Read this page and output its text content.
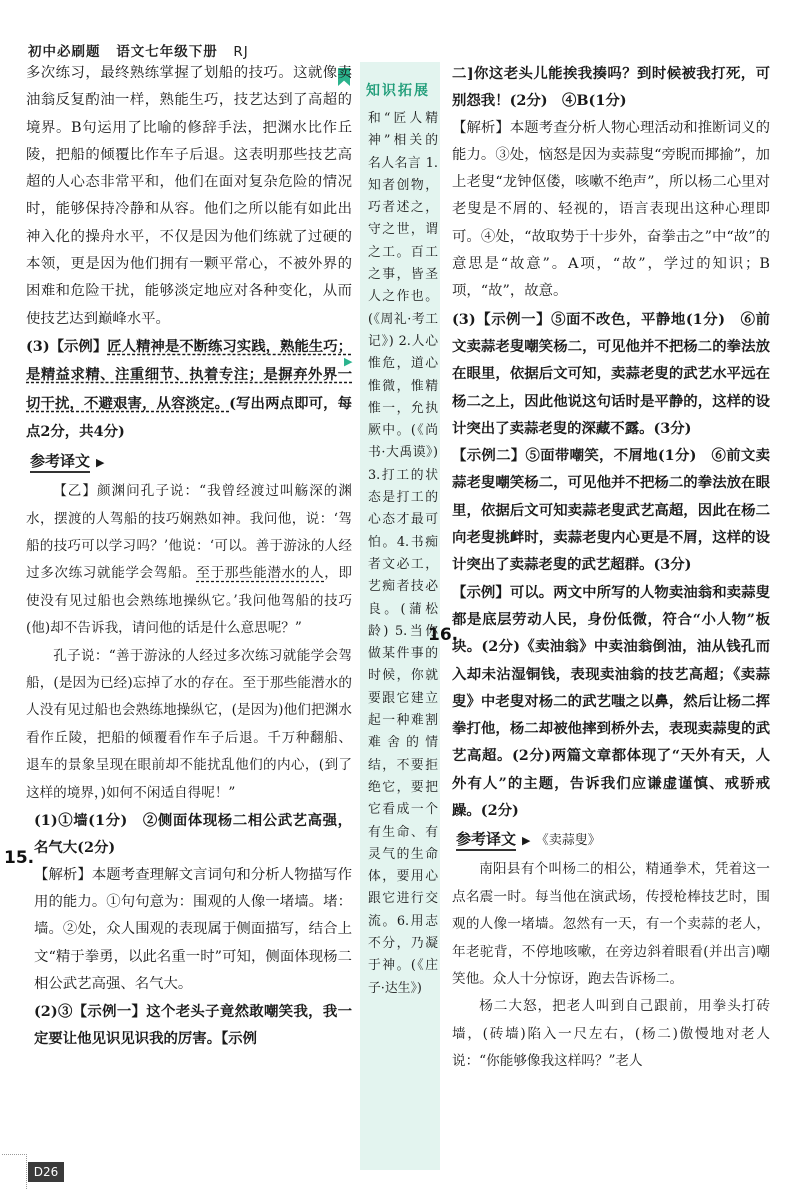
初中必刷题 语文七年级下册 RJ

多次练习，最终熟练掌握了划船的技巧。这就像卖油翁反复酌油一样，熟能生巧，技艺达到了高超的境界。B句运用了比喻的修辞手法，把渊水比作丘陵，把船的倾覆比作车子后退。这表明那些技艺高超的人心态非常平和，他们在面对复杂危险的情况时，能够保持冷静和从容。他们之所以能有如此出神入化的操舟水平，不仅是因为他们练就了过硬的本领，更是因为他们拥有一颗平常心，不被外界的困难和危险干扰，能够淡定地应对各种变化，从而使技艺达到巅峰水平。

(3)【示例】匠人精神是不断练习实践，熟能生巧；是精益求精、注重细节、执着专注；是摒弃外界一切干扰，不避艰害，从容淡定。(写出两点即可，每点2分，共4分)

参考译文 ▶

【乙】颜渊问孔子说：“我曾经渡过叫觞深的渊水，摆渡的人驾船的技巧娴熟如神。我问他，说：‘驾船的技巧可以学习吗？’他说：‘可以。善于游泳的人经过多次练习就能学会驾船。至于那些能潜水的人，即使没有见过船也会熟练地操纵它。’我问他驾船的技巧(他)却不告诉我，请问他的话是什么意思呢？”

孔子说：“善于游泳的人经过多次练习就能学会驾船，(是因为已经)忘掉了水的存在。至于那些能潜水的人没有见过船也会熟练地操纵它，(是因为)他们把渊水看作丘陵，把船的倾覆看作车子后退。千万种翻船、退车的景象呈现在眼前却不能扰乱他们的内心，(到了这样的境界，)如何不闲适自得呢！”

(1)①墙(1分)　②侧面体现杨二相公武艺高强，名气大(2分)

【解析】本题考查理解文言词句和分析人物描写作用的能力。①句句意为：围观的人像一堵墙。堵：墙。②处，众人围观的表现属于侧面描写，结合上文“精于拳勇，以此名重一时”可知，侧面体现杨二相公武艺高强、名气大。

(2)③【示例一】这个老头子竟然敢嘲笑我，我一定要让他见识见识我的厉害。【示例

15.
知识拓展
和“匠人精神”相关的名人名言 1.知者创物，巧者述之，守之世，谓之工。百工之事，皆圣人之作也。(《周礼·考工记》) 2.人心惟危，道心惟微，惟精惟一，允执厥中。(《尚书·大禹谟》) 3.打工的状态是打工的心态才最可怕。4.书痴者文必工，艺痴者技必良。(蒲松龄) 5.当你做某件事的时候，你就要跟它建立起一种难割难舍的情结，不要拒绝它，要把它看成一个有生命、有灵气的生命体，要用心跟它进行交流。6.用志不分，乃凝于神。(《庄子·达生》)
▶

二]你这老头儿能挨我揍吗？到时候被我打死，可别怨我！(2分)　④B(1分)

【解析】本题考查分析人物心理活动和推断词义的能力。③处，恼怒是因为卖蒜叟“旁睨而揶揄”，加上老叟“龙钟伛偻，咳嗽不绝声”，所以杨二心里对老叟是不屑的、轻视的，语言表现出这种心理即可。④处，“故取势于十步外，奋拳击之”中“故”的意思是“故意”。A项，“故”，学过的知识；B项，“故”，故意。

(3)【示例一】⑤面不改色，平静地(1分)　⑥前文卖蒜老叟嘲笑杨二，可见他并不把杨二的拳法放在眼里，依据后文可知，卖蒜老叟的武艺水平远在杨二之上，因此他说这句话时是平静的，这样的设计突出了卖蒜老叟的深藏不露。(3分)

【示例二】⑤面带嘲笑，不屑地(1分)　⑥前文卖蒜老叟嘲笑杨二，可见他并不把杨二的拳法放在眼里，依据后文可知卖蒜老叟武艺高超，因此在杨二向老叟挑衅时，卖蒜老叟内心更是不屑，这样的设计突出了卖蒜老叟的武艺超群。(3分)

【示例】可以。两文中所写的人物卖油翁和卖蒜叟都是底层劳动人民，身份低微，符合“小人物”板块。(2分)《卖油翁》中卖油翁倒油，油从钱孔而入却未沾湿铜钱，表现卖油翁的技艺高超；《卖蒜叟》中老叟对杨二的武艺嗤之以鼻，然后让杨二挥拳打他，杨二却被他摔到桥外去，表现卖蒜叟的武艺高超。(2分)两篇文章都体现了“天外有天，人外有人”的主题，告诉我们应谦虚谨慎、戒骄戒躁。(2分)

参考译文 ▶ 《卖蒜叟》

南阳县有个叫杨二的相公，精通拳术，凭着这一点名震一时。每当他在演武场，传授枪棒技艺时，围观的人像一堵墙。忽然有一天，有一个卖蒜的老人，年老驼背，不停地咳嗽，在旁边斜着眼看(并出言)嘲笑他。众人十分惊讶，跑去告诉杨二。

杨二大怒，把老人叫到自己跟前，用拳头打砖墙，(砖墙)陷入一尺左右，(杨二)傲慢地对老人说：“你能够像我这样吗？”老人

16.
D26
